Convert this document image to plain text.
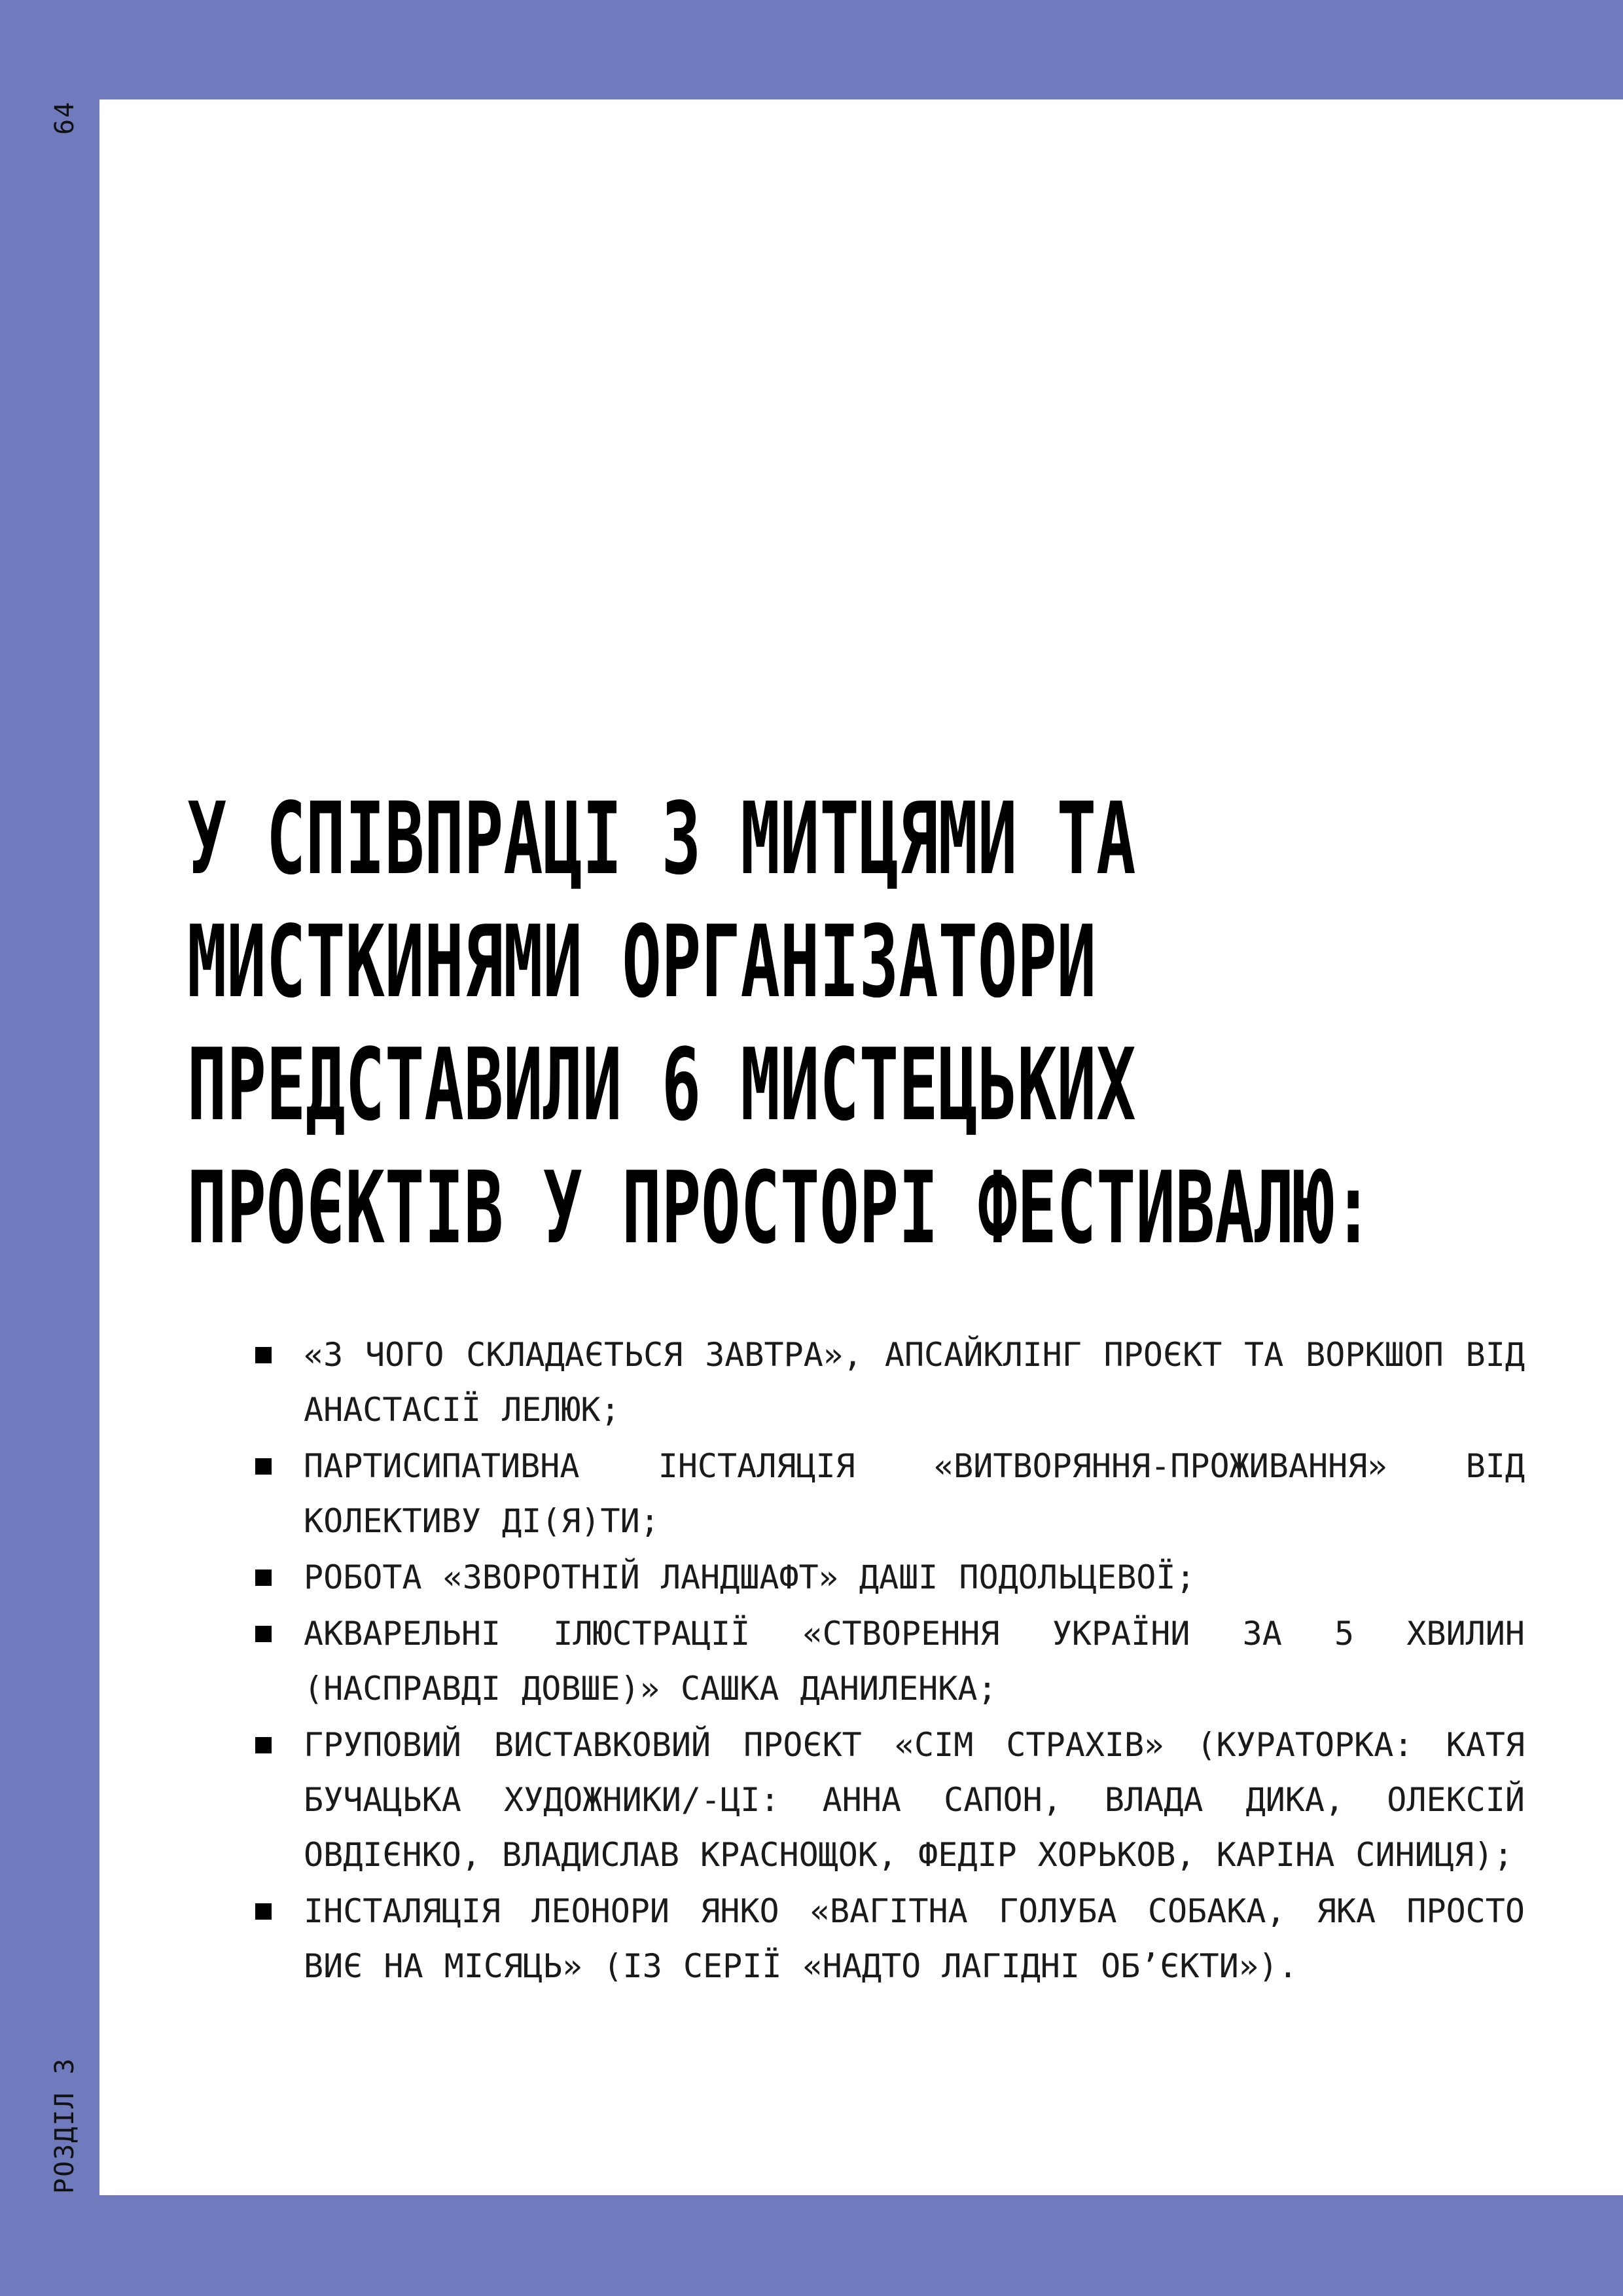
64
РОЗДІЛ 3
У СПІВПРАЦІ З МИТЦЯМИ ТА
МИСТКИНЯМИ ОРГАНІЗАТОРИ
ПРЕДСТАВИЛИ 6 МИСТЕЦЬКИХ
ПРОЄКТІВ У ПРОСТОРІ ФЕСТИВАЛЮ:
«З ЧОГО СКЛАДАЄТЬСЯ ЗАВТРА», АПСАЙКЛІНГ ПРОЄКТ ТА ВОРКШОП ВІД АНАСТАСІЇ ЛЕЛЮК;
ПАРТИСИПАТИВНА ІНСТАЛЯЦІЯ «ВИТВОРЯННЯ-ПРОЖИВАННЯ» ВІД КОЛЕКТИВУ ДІ(Я)ТИ;
РОБОТА «ЗВОРОТНІЙ ЛАНДШАФТ» ДАШІ ПОДОЛЬЦЕВОЇ;
АКВАРЕЛЬНІ ІЛЮСТРАЦІЇ «СТВОРЕННЯ УКРАЇНИ ЗА 5 ХВИЛИН (НАСПРАВДІ ДОВШЕ)» САШКА ДАНИЛЕНКА;
ГРУПОВИЙ ВИСТАВКОВИЙ ПРОЄКТ «СІМ СТРАХІВ» (КУРАТОРКА: КАТЯ БУЧАЦЬКА ХУДОЖНИКИ/-ЦІ: АННА САПОН, ВЛАДА ДИКА, ОЛЕКСІЙ ОВДІЄНКО, ВЛАДИСЛАВ КРАСНОЩОК, ФЕДІР ХОРЬКОВ, КАРІНА СИНИЦЯ);
ІНСТАЛЯЦІЯ ЛЕОНОРИ ЯНКО «ВАГІТНА ГОЛУБА СОБАКА, ЯКА ПРОСТО ВИЄ НА МІСЯЦЬ» (ІЗ СЕРІЇ «НАДТО ЛАГІДНІ ОБ’ЄКТИ»).
